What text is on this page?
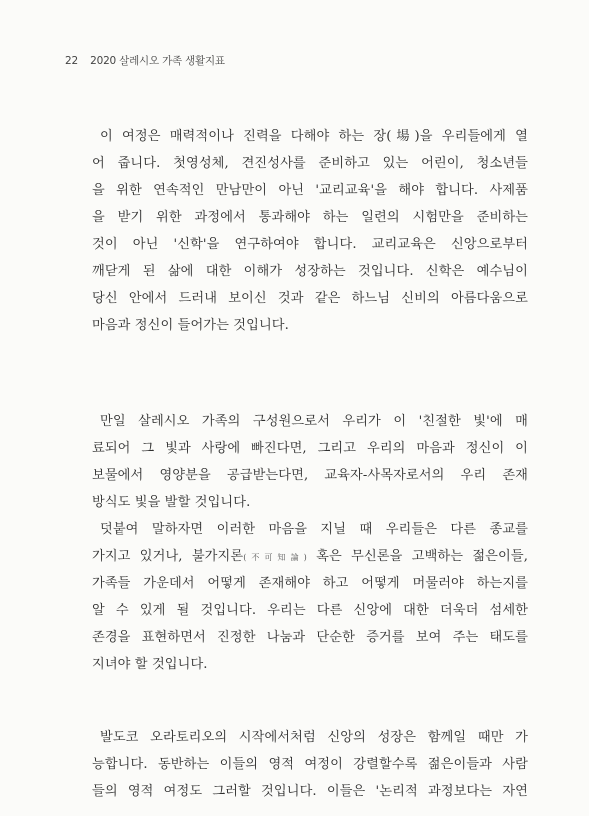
22 2020 살레시오 가족 생활지표
이 여정은 매력적이나 진력을 다해야 하는 장(場)을 우리들에게 열
어 줍니다. 첫영성체, 견진성사를 준비하고 있는 어린이, 청소년들
을 위한 연속적인 만남만이 아닌 '교리교육'을 해야 합니다. 사제품
을 받기 위한 과정에서 통과해야 하는 일련의 시험만을 준비하는
것이 아닌 '신학'을 연구하여야 합니다. 교리교육은 신앙으로부터
깨닫게 된 삶에 대한 이해가 성장하는 것입니다. 신학은 예수님이
당신 안에서 드러내 보이신 것과 같은 하느님 신비의 아름다움으로
마음과 정신이 들어가는 것입니다.
만일 살레시오 가족의 구성원으로서 우리가 이 '친절한 빛'에 매
료되어 그 빛과 사랑에 빠진다면, 그리고 우리의 마음과 정신이 이
보물에서 영양분을 공급받는다면, 교육자-사목자로서의 우리 존재
방식도 빛을 발할 것입니다.
덧붙여 말하자면 이러한 마음을 지닐 때 우리들은 다른 종교를
가지고 있거나, 불가지론(不可知論) 혹은 무신론을 고백하는 젊은이들,
가족들 가운데서 어떻게 존재해야 하고 어떻게 머물러야 하는지를
알 수 있게 될 것입니다. 우리는 다른 신앙에 대한 더욱더 섬세한
존경을 표현하면서 진정한 나눔과 단순한 증거를 보여 주는 태도를
지녀야 할 것입니다.
발도코 오라토리오의 시작에서처럼 신앙의 성장은 함께일 때만 가
능합니다. 동반하는 이들의 영적 여정이 강렬할수록 젊은이들과 사람
들의 영적 여정도 그러할 것입니다. 이들은 '논리적 과정보다는 자연
